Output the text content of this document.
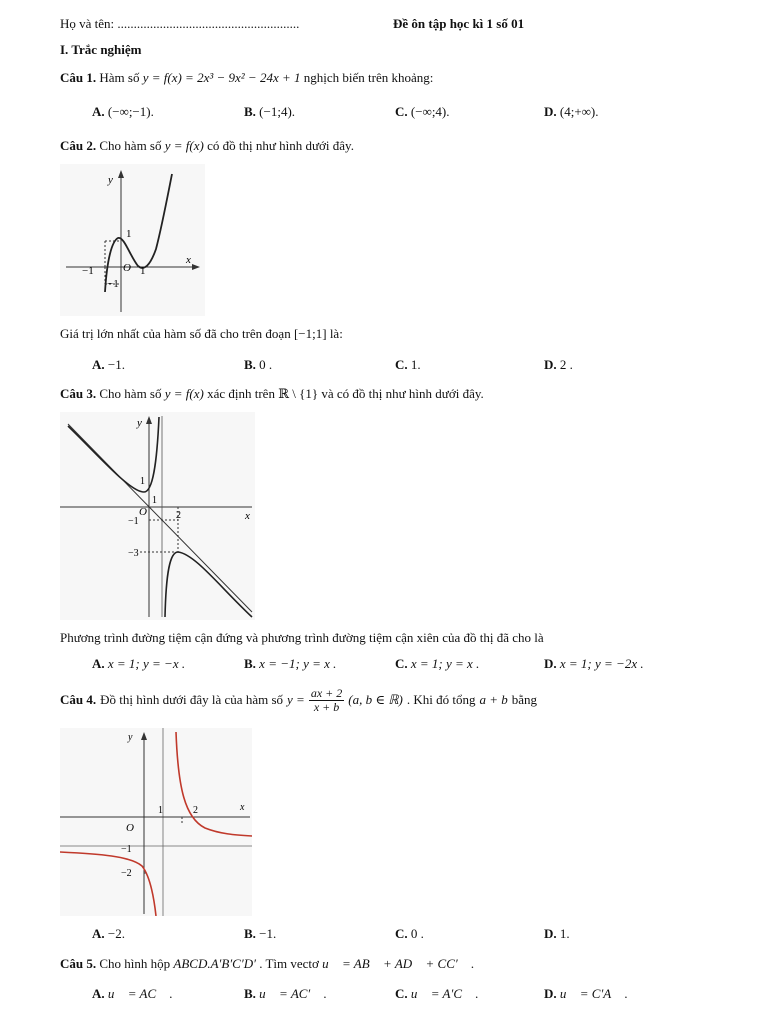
Họ và tên: ........................................................	Đề ôn tập học kì 1 số 01
I. Trắc nghiệm
Câu 1. Hàm số y = f(x) = 2x³ − 9x² − 24x + 1 nghịch biến trên khoảng:
A. (−∞;−1).	B. (−1;4).	C. (−∞;4).	D. (4;+∞).
Câu 2. Cho hàm số y = f(x) có đồ thị như hình dưới đây.
y
x
O
1
−1	1
−1
Giá trị lớn nhất của hàm số đã cho trên đoạn [−1;1] là:
A. −1.	B. 0 .	C. 1.	D. 2 .
Câu 3. Cho hàm số y = f(x) xác định trên ℝ \ {1} và có đồ thị như hình dưới đây.
y
x
O
1
1
2
−1
−3
Phương trình đường tiệm cận đứng và phương trình đường tiệm cận xiên của đồ thị đã cho là
A. x = 1; y = −x .	B. x = −1; y = x .	C. x = 1; y = x .	D. x = 1; y = −2x .
Câu 4. Đồ thị hình dưới đây là của hàm số $y = \frac{ax + 2}{x + b} (a$, b ∈ ℝ) . Khi đó tổng a + b bằng
y
x
O
1	2
−1
−2
A. −2.	B. −1.	C. 0 .	D. 1.
Câu 5. Cho hình hộp ABCD.A′B′C′D′ . Tìm vectơ u⃗ = AB⃗ + AD⃗ + CC′⃗ .
A. u⃗ = AC⃗ .	B. u⃗ = AC′⃗ .	C. u⃗ = A′C⃗ .	D. u⃗ = C′A⃗ .
